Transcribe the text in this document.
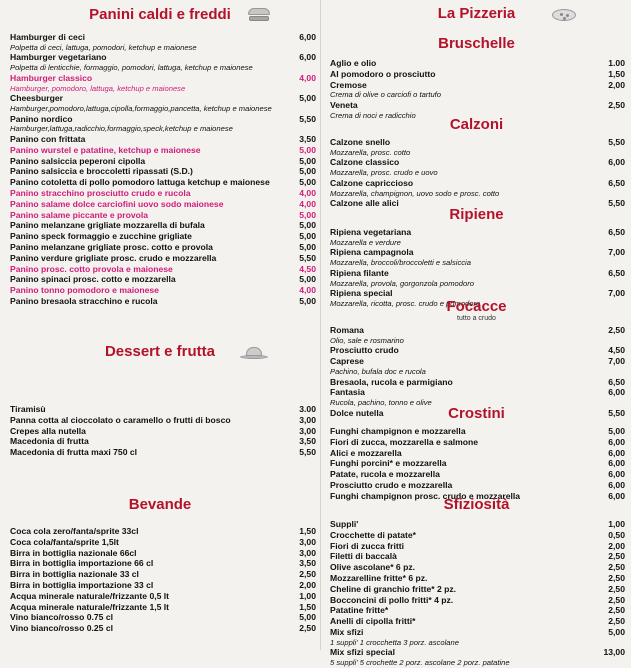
Panini caldi e freddi
Hamburger di ceci
Polpetta di ceci, lattuga, pomodori, ketchup e maionese
6,00
Hamburger vegetariano
Polpetta di lenticchie, formaggio, pomodori, lattuga, ketchup e maionese
6,00
Hamburger classico
Hamburger, pomodoro, lattuga, ketchup e maionese
4,00
Cheesburger
Hamburger,pomodoro,lattuga,cipolla,formaggio,pancetta, ketchup e maionese
5,00
Panino nordico
Hamburger,lattuga,radicchio,formaggio,speck,ketchup e maionese
5,50
Panino con frittata	3,50
Panino wurstel e patatine, ketchup e maionese	5,00
Panino salsiccia peperoni cipolla	5,00
Panino salsiccia e broccoletti ripassati (S.D.)	5,00
Panino cotoletta di pollo pomodoro lattuga ketchup e maionese	5,00
Panino stracchino prosciutto crudo e rucola	4,00
Panino salame dolce carciofini uovo sodo maionese	4,00
Panino salame piccante e provola	5,00
Panino melanzane grigliate mozzarella di bufala	5,00
Panino speck formaggio e zucchine grigliate	5,00
Panino melanzane grigliate prosc. cotto e provola	5,00
Panino verdure grigliate prosc. crudo e mozzarella	5,50
Panino prosc. cotto provola e maionese	4,50
Panino spinaci prosc. cotto e mozzarella	5,00
Panino tonno pomodoro e maionese	4,00
Panino bresaola stracchino e rucola	5,00
Dessert e frutta
Tiramisù	3.00
Panna cotta al cioccolato o caramello o frutti di bosco	3,00
Crepes alla nutella	3,00
Macedonia di frutta	3,50
Macedonia di frutta maxi 750 cl	5,50
Bevande
Coca cola zero/fanta/sprite 33cl	1,50
Coca cola/fanta/sprite 1,5lt	3,00
Birra in bottiglia nazionale 66cl	3,00
Birra in bottiglia importazione 66 cl	3,50
Birra in bottiglia nazionale 33 cl	2,50
Birra in bottiglia importazione 33 cl	2,00
Acqua minerale naturale/frizzante 0,5 lt	1,00
Acqua minerale naturale/frizzante 1,5 lt	1,50
Vino bianco/rosso 0.75 cl	5,00
Vino bianco/rosso 0.25 cl	2,50
La Pizzeria
Bruschelle
Aglio e olio	1.00
Al pomodoro o prosciutto	1,50
Cremose
Crema di olive o carciofi o tartufo
2,00
Veneta
Crema di noci e radicchio
2,50
Calzoni
Calzone snello
Mozzarella, prosc. cotto
5,50
Calzone classico
Mozzarella, prosc. crudo e uovo
6,00
Calzone capriccioso
Mozzarella, champignon, uovo sodo e prosc. cotto
6,50
Calzone alle alici	5,50
Ripiene
Ripiena vegetariana
Mozzarella e verdure
6,50
Ripiena campagnola
Mozzarella, broccoli/broccoletti e salsiccia
7,00
Ripiena filante
Mozzarella, provola, gorgonzola pomodoro
6,50
Ripiena special
Mozzarella, ricotta, prosc. crudo e pomodoro
7,00
Focacce
tutto a crudo
Romana
Olio, sale e rosmarino
2,50
Prosciutto crudo	4,50
Caprese
Pachino, bufala doc e rucola
7,00
Bresaola, rucola e parmigiano	6,50
Fantasia
Rucola, pachino, tonno e olive
6,00
Dolce nutella	5,50
Crostini
Funghi champignon e mozzarella	5,00
Fiori di zucca, mozzarella e salmone	6,00
Alici e mozzarella	6,00
Funghi porcini* e mozzarella	6,00
Patate, rucola e mozzarella	6,00
Prosciutto crudo e mozzarella	6,00
Funghi champignon prosc. crudo e mozzarella	6,00
Sfiziosità
Suppli'	1,00
Crocchette di patate*	0,50
Fiori di zucca fritti	2,00
Filetti di baccalà	2,50
Olive ascolane* 6 pz.	2,50
Mozzarelline fritte* 6 pz.	2,50
Cheline di granchio fritte* 2 pz.	2,50
Bocconcini di pollo fritti* 4 pz.	2,50
Patatine fritte*	2,50
Anelli di cipolla fritti*	2,50
Mix sfizi
1 suppli' 1 crocchetta 3 porz. ascolane
5,00
Mix sfizi special
5 suppli' 5 crochette 2 porz. ascolane 2 porz. patatine
13,00
